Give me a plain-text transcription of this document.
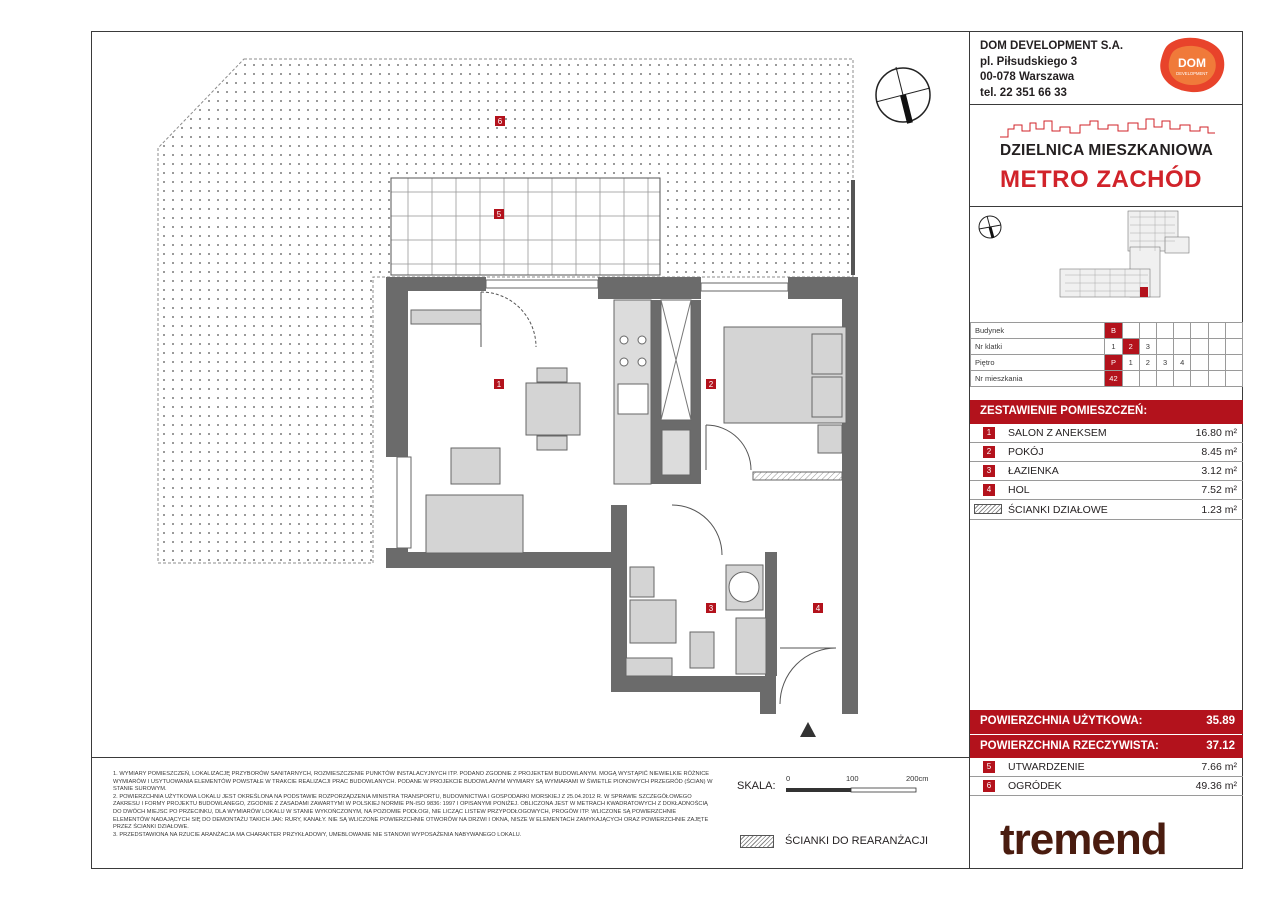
1	2
3	4
5
6
DOM DEVELOPMENT S.A.
pl. Piłsudskiego 3
00-078 Warszawa
tel. 22 351 66 33
DOM
DEVELOPMENT
DZIELNICA MIESZKANIOWA
METRO ZACHÓD
Budynek	B							
Nr klatki	1	2	3					
Piętro	P	1	2	3	4			
Nr mieszkania	42							
ZESTAWIENIE POMIESZCZEŃ:
1	SALON Z ANEKSEM	16.80 m²
2	POKÓJ	8.45 m²
3	ŁAZIENKA	3.12 m²
4	HOL	7.52 m²
ŚCIANKI DZIAŁOWE	1.23 m²
POWIERZCHNIA UŻYTKOWA:	35.89
POWIERZCHNIA RZECZYWISTA:	37.12
5	UTWARDZENIE	7.66 m²
6	OGRÓDEK	49.36 m²

1. WYMIARY POMIESZCZEŃ, LOKALIZACJĘ PRZYBORÓW SANITARNYCH, ROZMIESZCZENIE PUNKTÓW INSTALACYJNYCH ITP. PODANO ZGODNIE Z PROJEKTEM BUDOWLANYM. MOGĄ WYSTĄPIĆ NIEWIELKIE RÓŻNICE WYMIARÓW I USYTUOWANIA ELEMENTÓW POWSTAŁE W TRAKCIE REALIZACJI PRAC BUDOWLANYCH. PODANE W PROJEKCIE BUDOWLANYM WYMIARY SĄ WYMIARAMI W ŚWIETLE PIONOWYCH PRZEGRÓD (ŚCIAN) W STANIE SUROWYM.

2. POWIERZCHNIA UŻYTKOWA LOKALU JEST OKREŚLONA NA PODSTAWIE ROZPORZĄDZENIA MINISTRA TRANSPORTU, BUDOWNICTWA I GOSPODARKI MORSKIEJ Z 25.04.2012 R. W SPRAWIE SZCZEGÓŁOWEGO ZAKRESU I FORMY PROJEKTU BUDOWLANEGO, ZGODNIE Z ZASADAMI ZAWARTYMI W POLSKIEJ NORMIE PN-ISO 9836: 1997 I OPISANYMI PONIŻEJ. OBLICZONA JEST W METRACH KWADRATOWYCH Z DOKŁADNOŚCIĄ DO DWÓCH MIEJSC PO PRZECINKU, DLA WYMIARÓW LOKALU W STANIE WYKOŃCZONYM, NA POZIOMIE PODŁOGI, NIE LICZĄC LISTEW PRZYPODŁOGOWYCH, PROGÓW ITP. WLICZONE SĄ POWIERZCHNIE ELEMENTÓW NADAJĄCYCH SIĘ DO DEMONTAŻU TAKICH JAK: RURY, KANAŁY. NIE SĄ WLICZONE POWIERZCHNIE OTWORÓW NA DRZWI I OKNA, NISZE W ELEMENTACH ZAMYKAJĄCYCH ORAZ POWIERZCHNIE ZAJĘTE PRZEZ ŚCIANKI DZIAŁOWE.

3. PRZEDSTAWIONA NA RZUCIE ARANŻACJA MA CHARAKTER PRZYKŁADOWY, UMEBLOWANIE NIE STANOWI WYPOSAŻENIA NABYWANEGO LOKALU.

SKALA:
0	100	200cm
ŚCIANKI DO REARANŻACJI tremend
